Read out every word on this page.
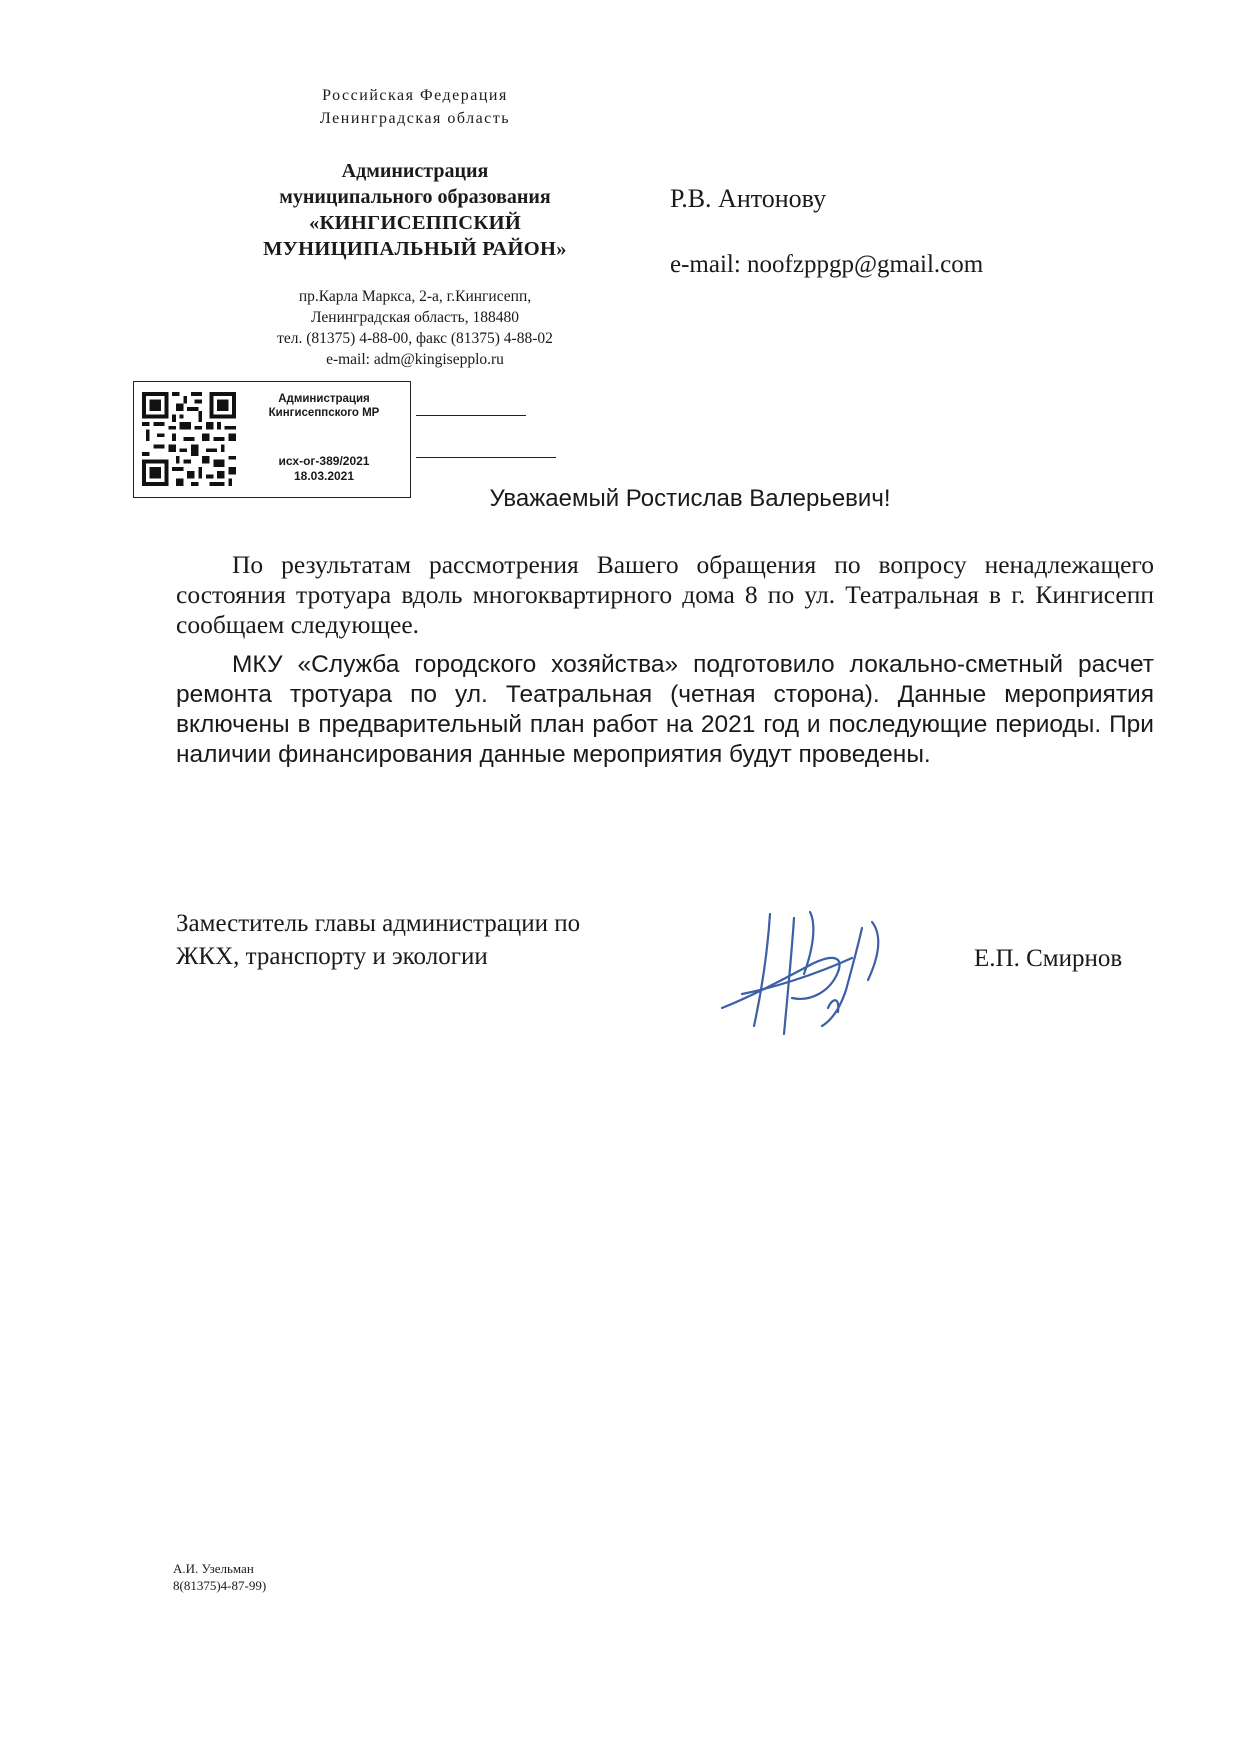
Российская Федерация
Ленинградская область
Администрация
муниципального образования
«КИНГИСЕППСКИЙ
МУНИЦИПАЛЬНЫЙ РАЙОН»
пр.Карла Маркса, 2-а, г.Кингисепп,
Ленинградская область, 188480
тел. (81375) 4-88-00, факс (81375) 4-88-02
e-mail: adm@kingisepplo.ru
Администрация
Кингисеппского МР
исх-ог-389/2021
18.03.2021
Р.В. Антонову
e-mail: noofzppgp@gmail.com
Уважаемый Ростислав Валерьевич!

По результатам рассмотрения Вашего обращения по вопросу ненадлежащего состояния тротуара вдоль многоквартирного дома 8 по ул. Театральная в г. Кингисепп сообщаем следующее.

МКУ «Служба городского хозяйства» подготовило локально-сметный расчет ремонта тротуара по ул. Театральная (четная сторона). Данные мероприятия включены в предварительный план работ на 2021 год и последующие периоды. При наличии финансирования данные мероприятия будут проведены.

Заместитель главы администрации по
ЖКХ, транспорту и экологии	Е.П. Смирнов
А.И. Узельман
8(81375)4-87-99)
